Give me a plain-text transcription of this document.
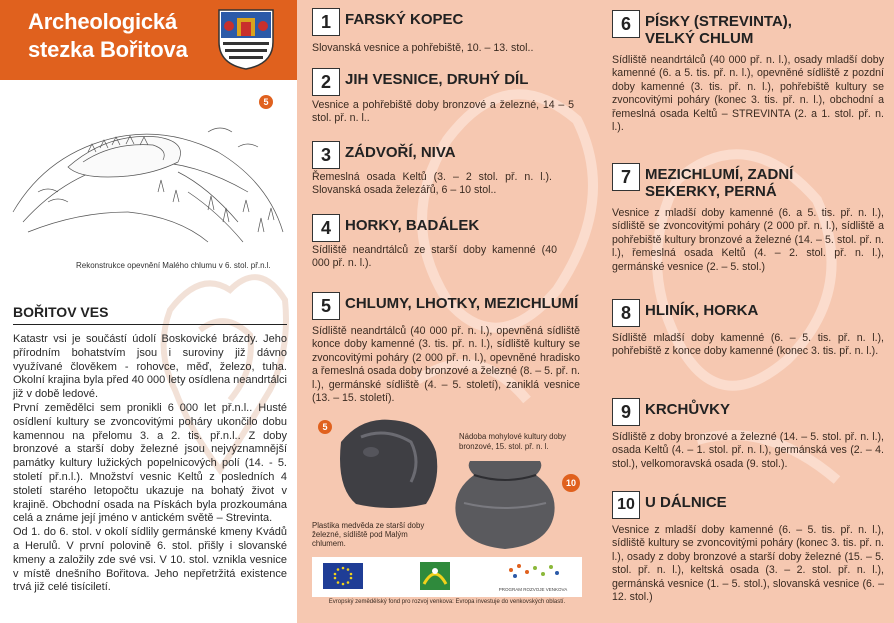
Archeologická
stezka Bořitova
5
Rekonstrukce opevnění Malého chlumu v 6. stol. př.n.l.
BOŘITOV VES

Katastr vsi je součástí údolí Boskovické brázdy. Jeho přírodním bohatstvím jsou i suroviny již dávno využívané člověkem - rohovce, měď, železo, tuha. Okolní krajina byla před 40 000 lety osídlena neandrtálci již v době ledové.

První zemědělci sem pronikli 6 000 let př.n.l.. Husté osídlení kultury se zvoncovitými poháry ukončilo dobu kamennou na přelomu 3. a 2. tis. př.n.l.. Z doby bronzové a starší doby železné jsou nejvýznamnější památky kultury lužických popelnicových polí (14. - 5. století př.n.l.). Množství vesnic Keltů z posledních 4 století starého letopočtu ukazuje na bohatý život v krajině. Obchodní osada na Pískách byla prozkoumána celá a známe její jméno v antickém světě – Strevinta.

Od 1. do 6. stol. v okolí sídlily germánské kmeny Kvádů a Herulů. V první polovině 6. stol. přišly i slovanské kmeny a založily zde své vsi. V 10. stol. vznikla vesnice v místě dnešního Bořitova. Jeho nepřetržitá existence trvá již celé tisíciletí.

1 FARSKÝ KOPEC
Slovanská vesnice a pohřebiště, 10. – 13. stol..
2 JIH VESNICE, DRUHÝ DÍL
Vesnice a pohřebiště doby bronzové a železné, 14 – 5 stol. př. n. l..
3 ZÁDVOŘÍ, NIVA
Řemeslná osada Keltů (3. – 2 stol. př. n. l.). Slovanská osada železářů, 6 – 10 stol..
4 HORKY, BADÁLEK
Sídliště neandrtálců ze starší doby kamenné (40 000 př. n. l.).
5 CHLUMY, LHOTKY, MEZICHLUMÍ
Sídliště neandrtálců (40 000 př. n. l.), opevněná sídliště konce doby kamenné (3. tis. př. n. l.), sídliště kultury se zvoncovitými poháry (2 000 př. n. l.), opevněné hradisko a řemeslná osada doby bronzové a železné (8. – 5. př. n. l.), germánské sídliště (4. – 5. století), zaniklá vesnice (13. – 15. století).
5
Plastika medvěda ze starší doby železné, sídliště pod Malým chlumem.
Nádoba mohylové kultury doby bronzové, 15. stol. př. n. l.
10
PROGRAM ROZVOJE VENKOVA
Evropský zemědělský fond pro rozvoj venkova: Evropa investuje do venkovských oblastí.
6 PÍSKY (STREVINTA), VELKÝ CHLUM
Sídliště neandrtálců (40 000 př. n. l.), osady mladší doby kamenné (6. a 5. tis. př. n. l.), opevněné sídliště z pozdní doby kamenné (3. tis. př. n. l.), pohřebiště kultury se zvoncovitými poháry (konec 3. tis. př. n. l.), obchodní a řemeslná osada Keltů – STREVINTA (2. a 1. stol. př. n. l.).
7 MEZICHLUMÍ, ZADNÍ SEKERKY, PERNÁ
Vesnice z mladší doby kamenné (6. a 5. tis. př. n. l.), sídliště se zvoncovitými poháry (2 000 př. n. l.), sídliště a pohřebiště kultury bronzové a železné (14. – 5. stol. př. n. l.), řemeslná osada Keltů (4. – 2. stol. př. n. l.), germánské vesnice (2. – 5. stol.)
8 HLINÍK, HORKA
Sídliště mladší doby kamenné (6. – 5. tis. př. n. l.), pohřebiště z konce doby kamenné (konec 3. tis. př. n. l.).
9 KRCHŮVKY
Sídliště z doby bronzové a železné (14. – 5. stol. př. n. l.), osada Keltů (4. – 1. stol. př. n. l.), germánská ves (2. – 4. stol.), velkomoravská osada (9. stol.).
10 U DÁLNICE
Vesnice z mladší doby kamenné (6. – 5. tis. př. n. l.), sídliště kultury se zvoncovitými poháry (konec 3. tis. př. n. l.), osady z doby bronzové a starší doby železné (15. – 5. stol. př. n. l.), keltská osada (3. – 2. stol. př. n. l.), germánská vesnice (1. – 5. stol.), slovanská vesnice (6. – 12. stol.)
